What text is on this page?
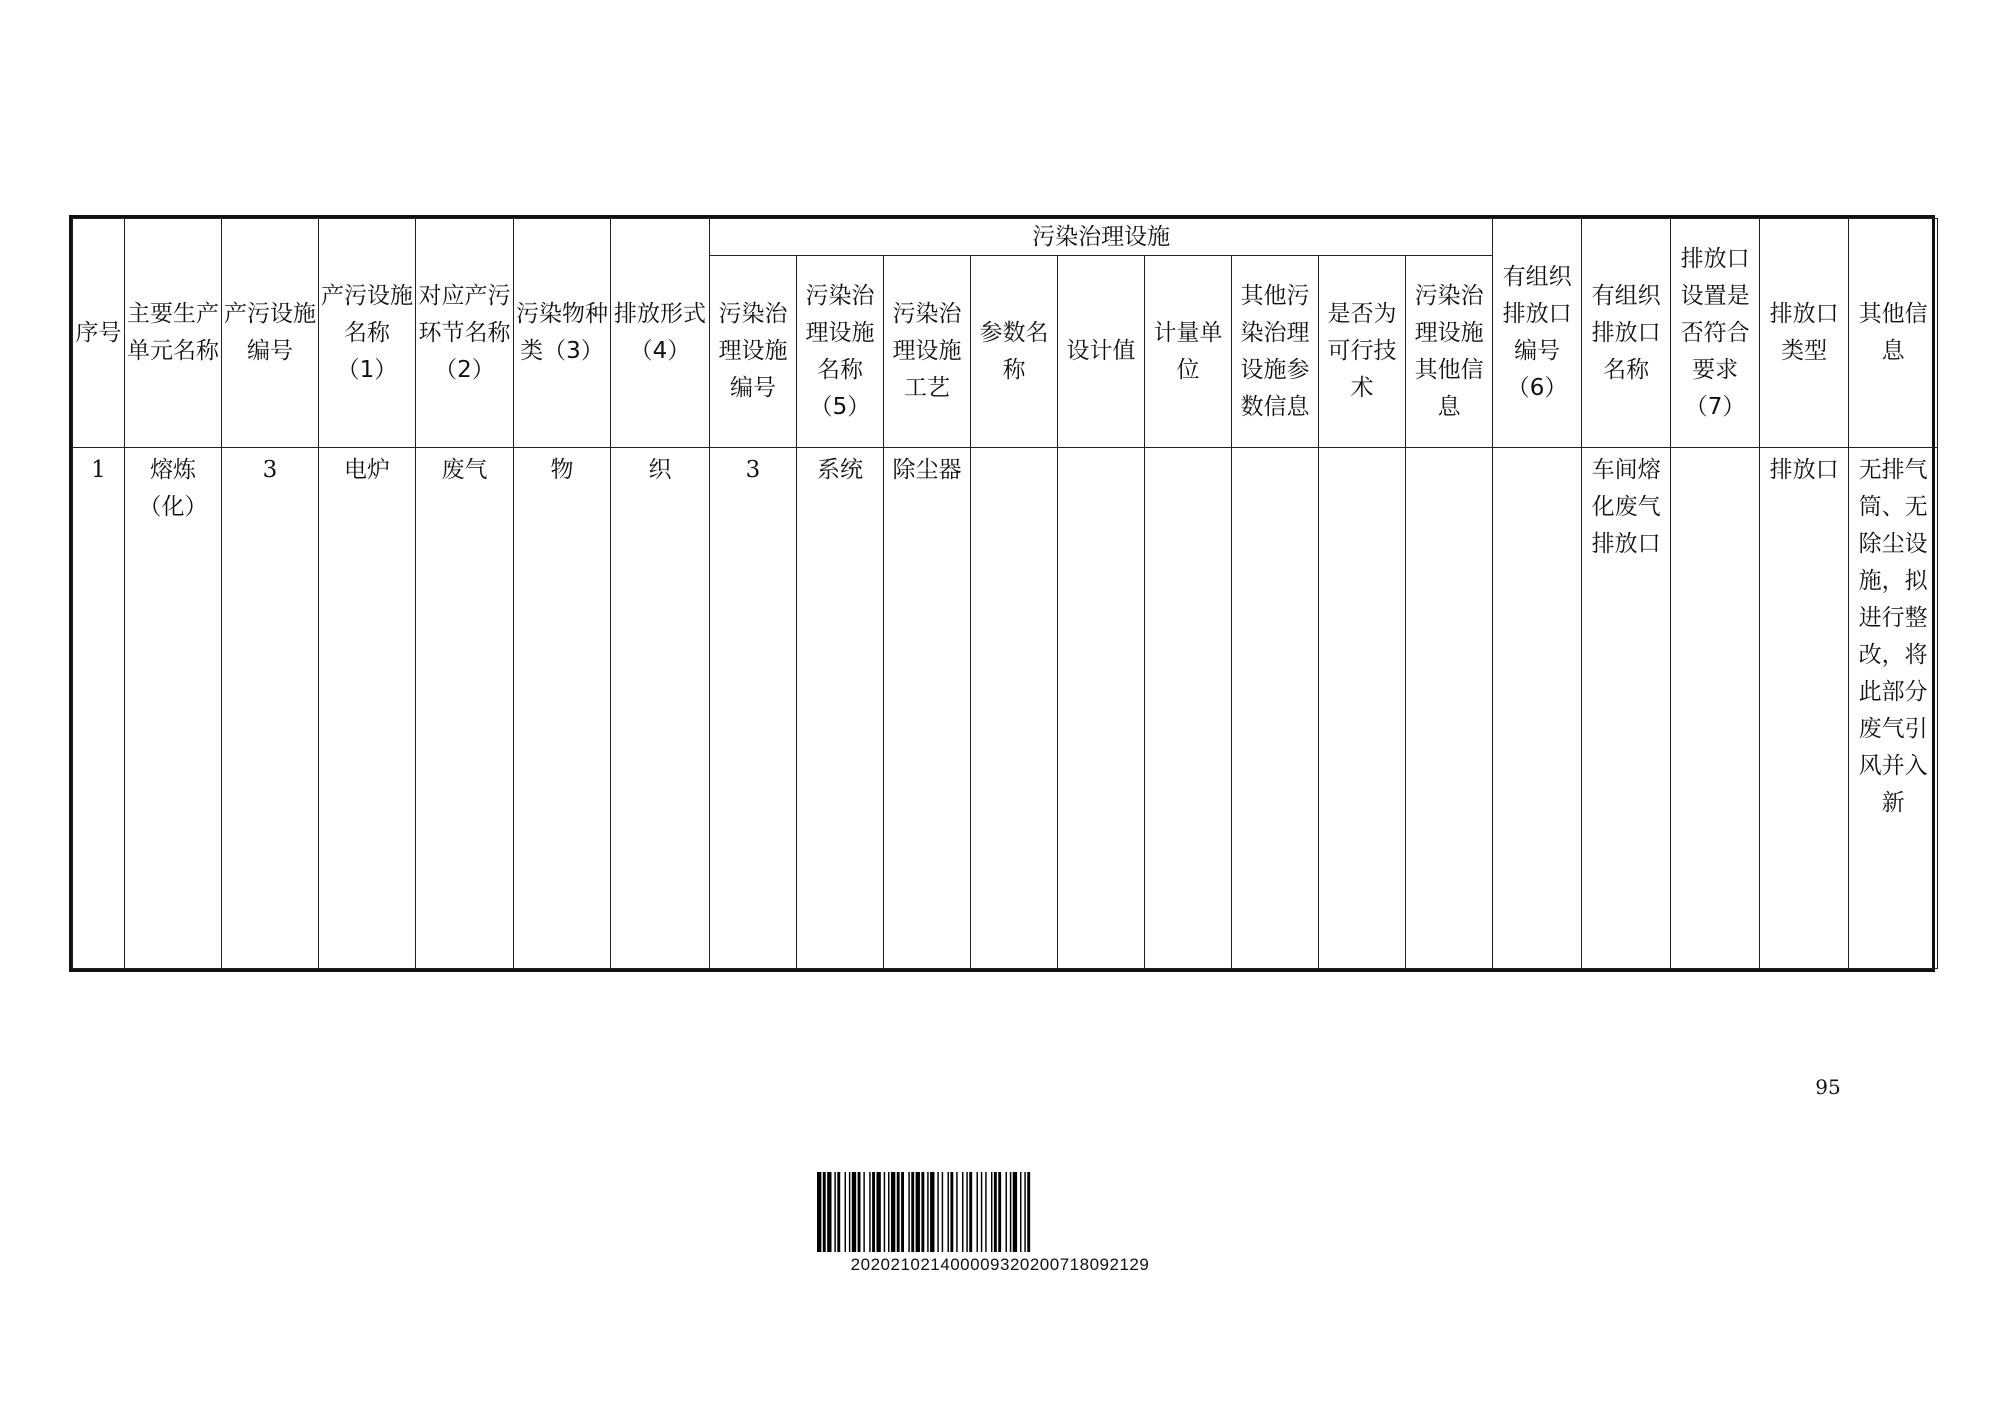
序号	主要生产单元名称	产污设施编号	产污设施名称（1）	对应产污环节名称（2）	污染物种类（3）	排放形式（4）	污染治理设施									有组织排放口编号（6）	有组织排放口名称	排放口设置是否符合要求（7）	排放口类型	其他信息

							污染治理设施编号	污染治理设施名称（5）	污染治理设施工艺	参数名称	设计值	计量单位	其他污染治理设施参数信息	是否为可行技术	污染治理设施其他信息					

1	熔炼（化）	3	电炉	废气	物	织	3	系统	除尘器								车间熔化废气排放口		排放口	无排气筒、无除尘设施，拟进行整改，将此部分废气引风并入新
95
20202102140000932020071809​2129
